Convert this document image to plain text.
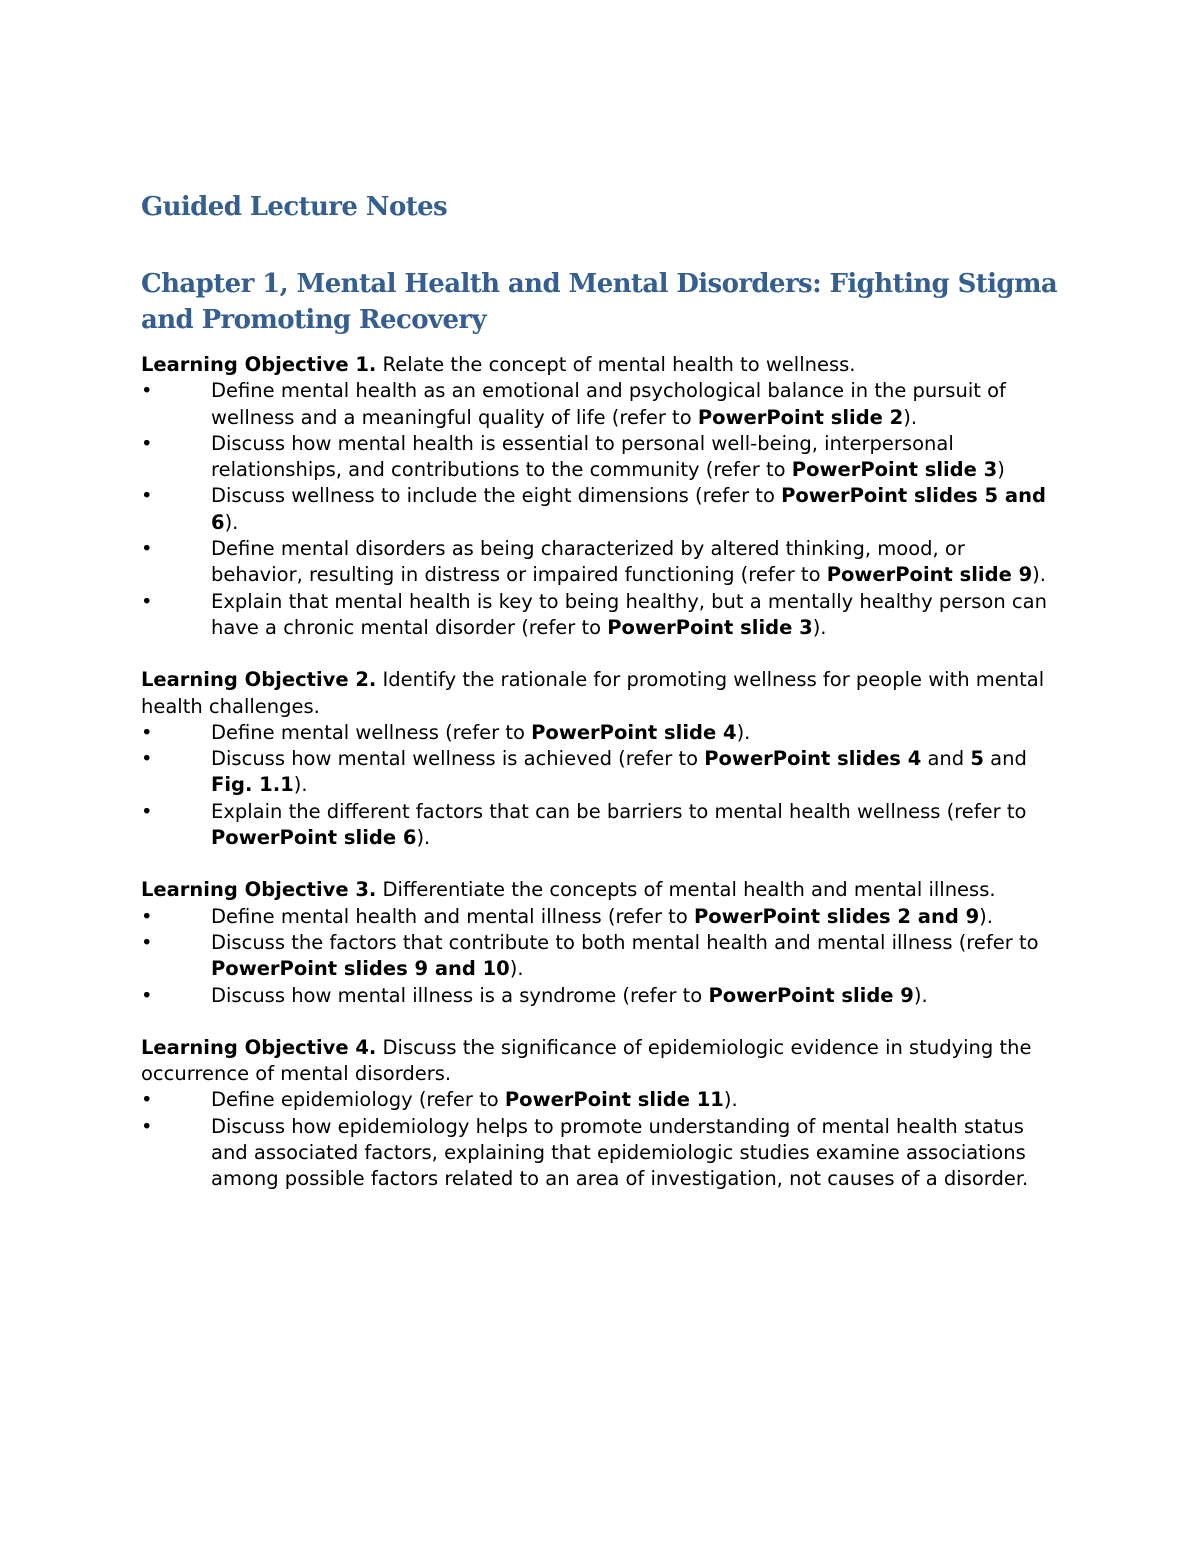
Guided Lecture Notes
Chapter 1, Mental Health and Mental Disorders: Fighting Stigma and Promoting Recovery

Learning Objective 1. Relate the concept of mental health to wellness.

•	Define mental health as an emotional and psychological balance in the pursuit of wellness and a meaningful quality of life (refer to PowerPoint slide 2).
•	Discuss how mental health is essential to personal well-being, interpersonal relationships, and contributions to the community (refer to PowerPoint slide 3)
•	Discuss wellness to include the eight dimensions (refer to PowerPoint slides 5 and 6).
•	Define mental disorders as being characterized by altered thinking, mood, or behavior, resulting in distress or impaired functioning (refer to PowerPoint slide 9).
•	Explain that mental health is key to being healthy, but a mentally healthy person can have a chronic mental disorder (refer to PowerPoint slide 3).

Learning Objective 2. Identify the rationale for promoting wellness for people with mental health challenges.

•	Define mental wellness (refer to PowerPoint slide 4).
•	Discuss how mental wellness is achieved (refer to PowerPoint slides 4 and 5 and Fig. 1.1).
•	Explain the different factors that can be barriers to mental health wellness (refer to PowerPoint slide 6).

Learning Objective 3. Differentiate the concepts of mental health and mental illness.

•	Define mental health and mental illness (refer to PowerPoint slides 2 and 9).
•	Discuss the factors that contribute to both mental health and mental illness (refer to PowerPoint slides 9 and 10).
•	Discuss how mental illness is a syndrome (refer to PowerPoint slide 9).

Learning Objective 4. Discuss the significance of epidemiologic evidence in studying the occurrence of mental disorders.

•	Define epidemiology (refer to PowerPoint slide 11).
•	Discuss how epidemiology helps to promote understanding of mental health status and associated factors, explaining that epidemiologic studies examine associations among possible factors related to an area of investigation, not causes of a disorder.
